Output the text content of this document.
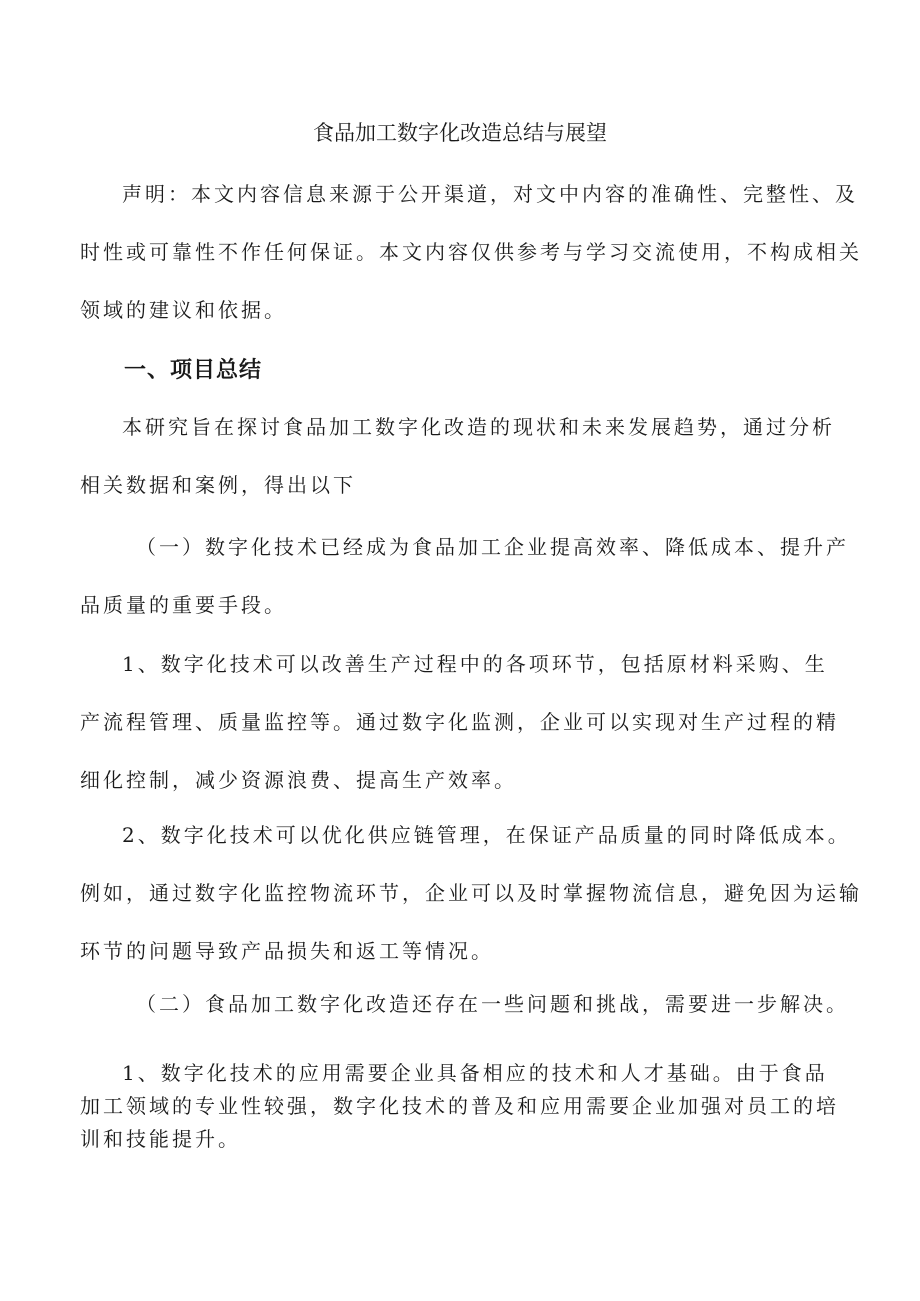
食品加工数字化改造总结与展望

声明：本文内容信息来源于公开渠道，对文中内容的准确性、完整性、及时性或可靠性不作任何保证。本文内容仅供参考与学习交流使用，不构成相关领域的建议和依据。

一、项目总结

本研究旨在探讨食品加工数字化改造的现状和未来发展趋势，通过分析相关数据和案例，得出以下

（一）数字化技术已经成为食品加工企业提高效率、降低成本、提升产品质量的重要手段。

1、数字化技术可以改善生产过程中的各项环节，包括原材料采购、生产流程管理、质量监控等。通过数字化监测，企业可以实现对生产过程的精细化控制，减少资源浪费、提高生产效率。

2、数字化技术可以优化供应链管理，在保证产品质量的同时降低成本。例如，通过数字化监控物流环节，企业可以及时掌握物流信息，避免因为运输环节的问题导致产品损失和返工等情况。

（二）食品加工数字化改造还存在一些问题和挑战，需要进一步解决。

1、数字化技术的应用需要企业具备相应的技术和人才基础。由于食品加工领域的专业性较强，数字化技术的普及和应用需要企业加强对员工的培训和技能提升。
